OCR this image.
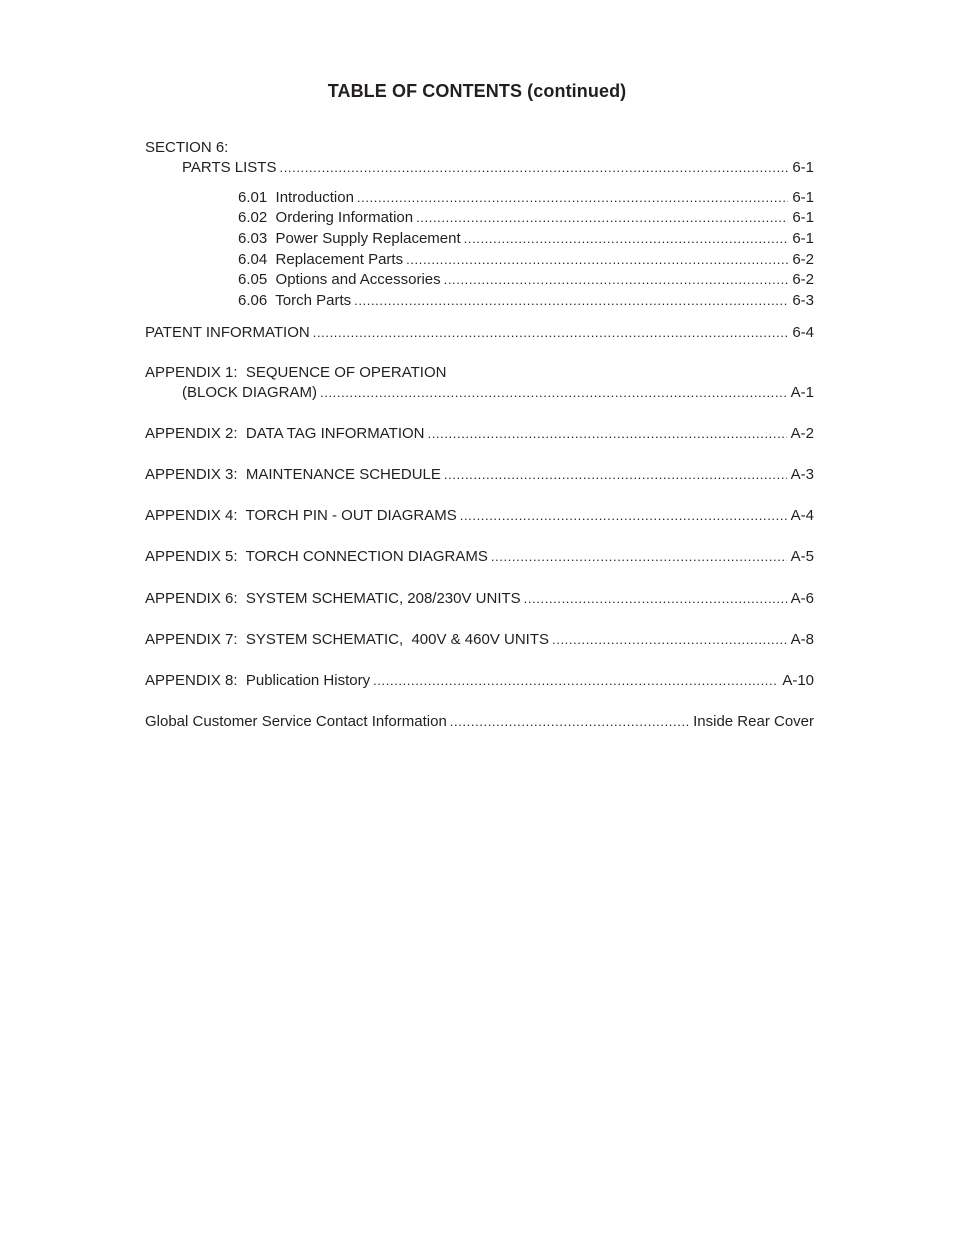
TABLE OF CONTENTS (continued)
SECTION 6:
PARTS LISTS .....	6-1
6.01  Introduction .....	6-1
6.02  Ordering Information .....	6-1
6.03  Power Supply Replacement .....	6-1
6.04  Replacement Parts .....	6-2
6.05  Options and Accessories .....	6-2
6.06  Torch Parts .....	6-3
PATENT INFORMATION .....	6-4
APPENDIX 1:  SEQUENCE OF OPERATION
(BLOCK DIAGRAM) .....	A-1
APPENDIX 2:  DATA TAG INFORMATION .....	A-2
APPENDIX 3:  MAINTENANCE SCHEDULE .....	A-3
APPENDIX 4:  TORCH PIN - OUT DIAGRAMS .....	A-4
APPENDIX 5:  TORCH CONNECTION DIAGRAMS .....	A-5
APPENDIX 6:  SYSTEM SCHEMATIC, 208/230V UNITS .....	A-6
APPENDIX 7:  SYSTEM SCHEMATIC,  400V & 460V UNITS .....	A-8
APPENDIX 8:  Publication History .....	A-10
Global Customer Service Contact Information .....	Inside Rear Cover
